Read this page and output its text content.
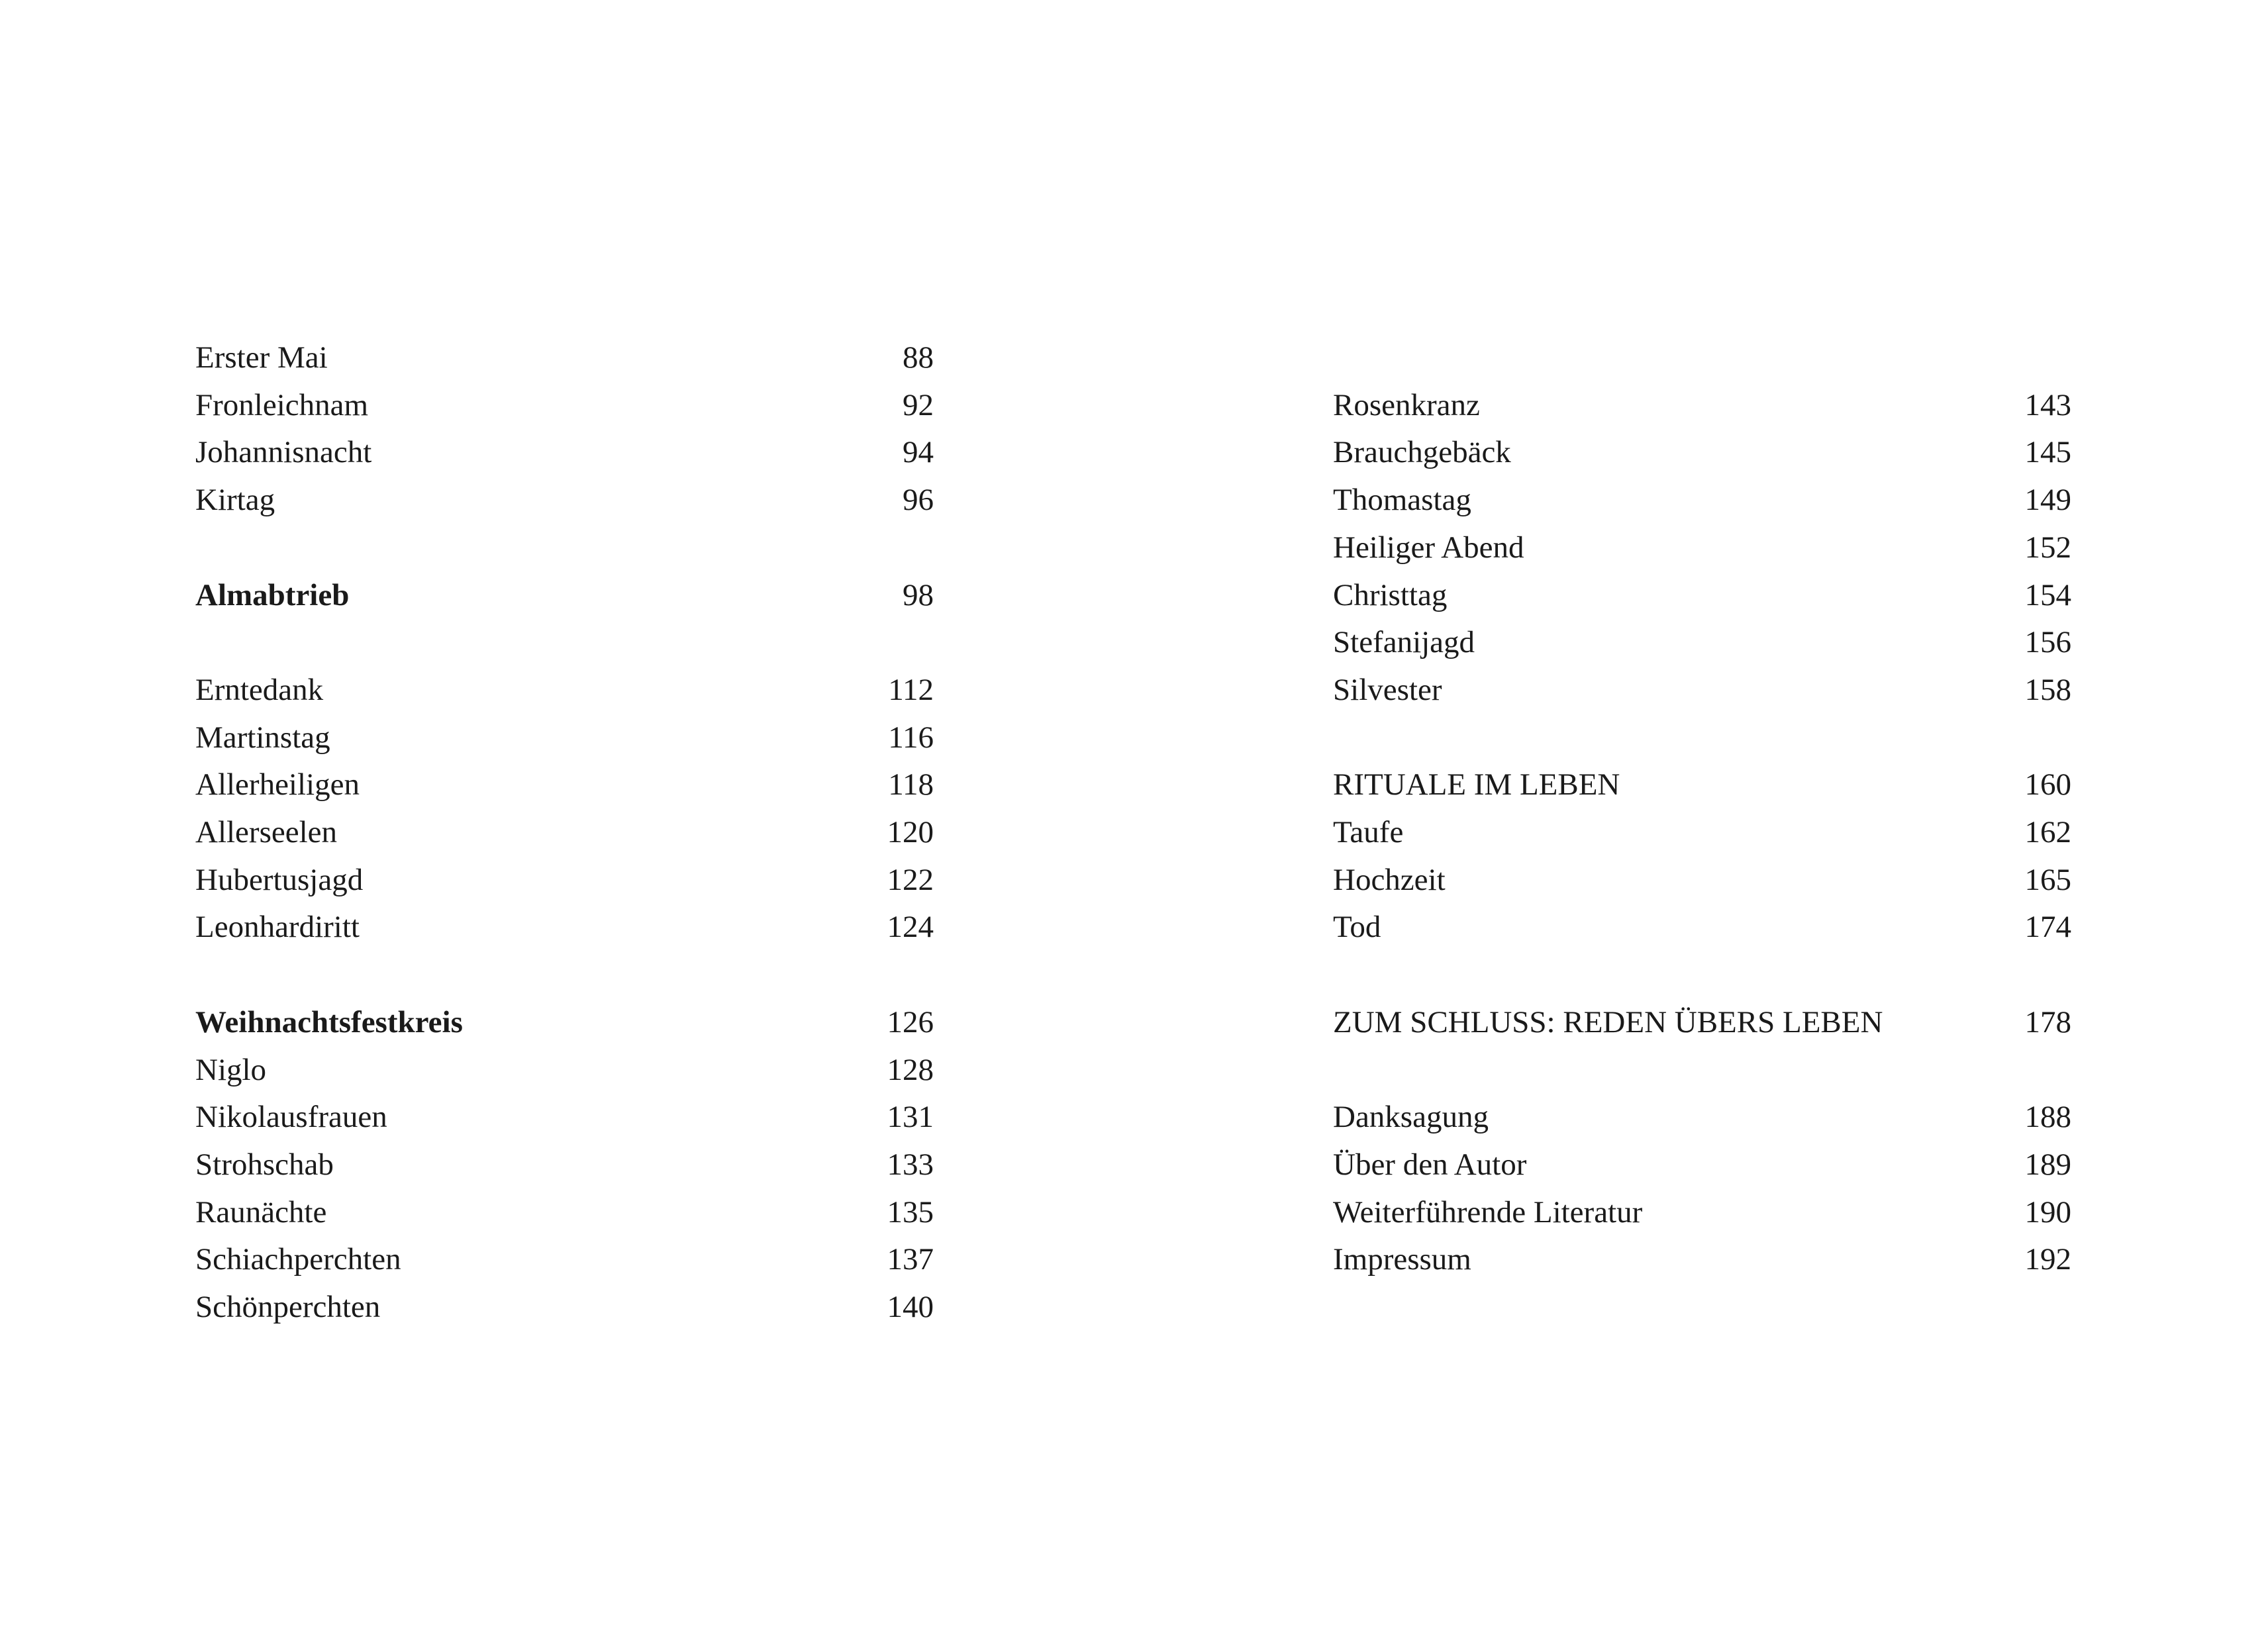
Erster Mai	88
Fronleichnam	92
Johannisnacht	94
Kirtag	96
Almabtrieb	98
Erntedank	112
Martinstag	116
Allerheiligen	118
Allerseelen	120
Hubertusjagd	122
Leonhardiritt	124
Weihnachtsfestkreis	126
Niglo	128
Nikolausfrauen	131
Strohschab	133
Raunächte	135
Schiachperchten	137
Schönperchten	140
Rosenkranz	143
Brauchgebäck	145
Thomastag	149
Heiliger Abend	152
Christtag	154
Stefanijagd	156
Silvester	158
RITUALE IM LEBEN	160
Taufe	162
Hochzeit	165
Tod	174
ZUM SCHLUSS: REDEN ÜBERS LEBEN	178
Danksagung	188
Über den Autor	189
Weiterführende Literatur	190
Impressum	192
